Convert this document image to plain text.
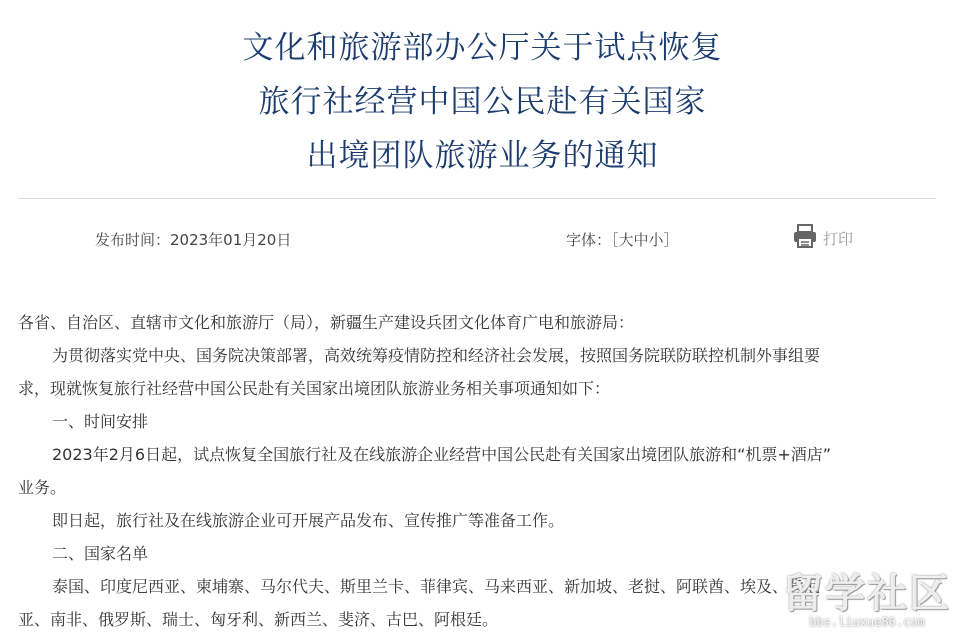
文化和旅游部办公厅关于试点恢复
旅行社经营中国公民赴有关国家
出境团队旅游业务的通知
发布时间：2023年01月20日	字体：［大中小］	打印
各省、自治区、直辖市文化和旅游厅（局），新疆生产建设兵团文化体育广电和旅游局：
为贯彻落实党中央、国务院决策部署，高效统筹疫情防控和经济社会发展，按照国务院联防联控机制外事组要
求，现就恢复旅行社经营中国公民赴有关国家出境团队旅游业务相关事项通知如下：
一、时间安排
2023年2月6日起，试点恢复全国旅行社及在线旅游企业经营中国公民赴有关国家出境团队旅游和“机票+酒店”
业务。
即日起，旅行社及在线旅游企业可开展产品发布、宣传推广等准备工作。
二、国家名单
泰国、印度尼西亚、柬埔寨、马尔代夫、斯里兰卡、菲律宾、马来西亚、新加坡、老挝、阿联酋、埃及、肯尼
亚、南非、俄罗斯、瑞士、匈牙利、新西兰、斐济、古巴、阿根廷。
留学社区
bbs.liuxue86.com
